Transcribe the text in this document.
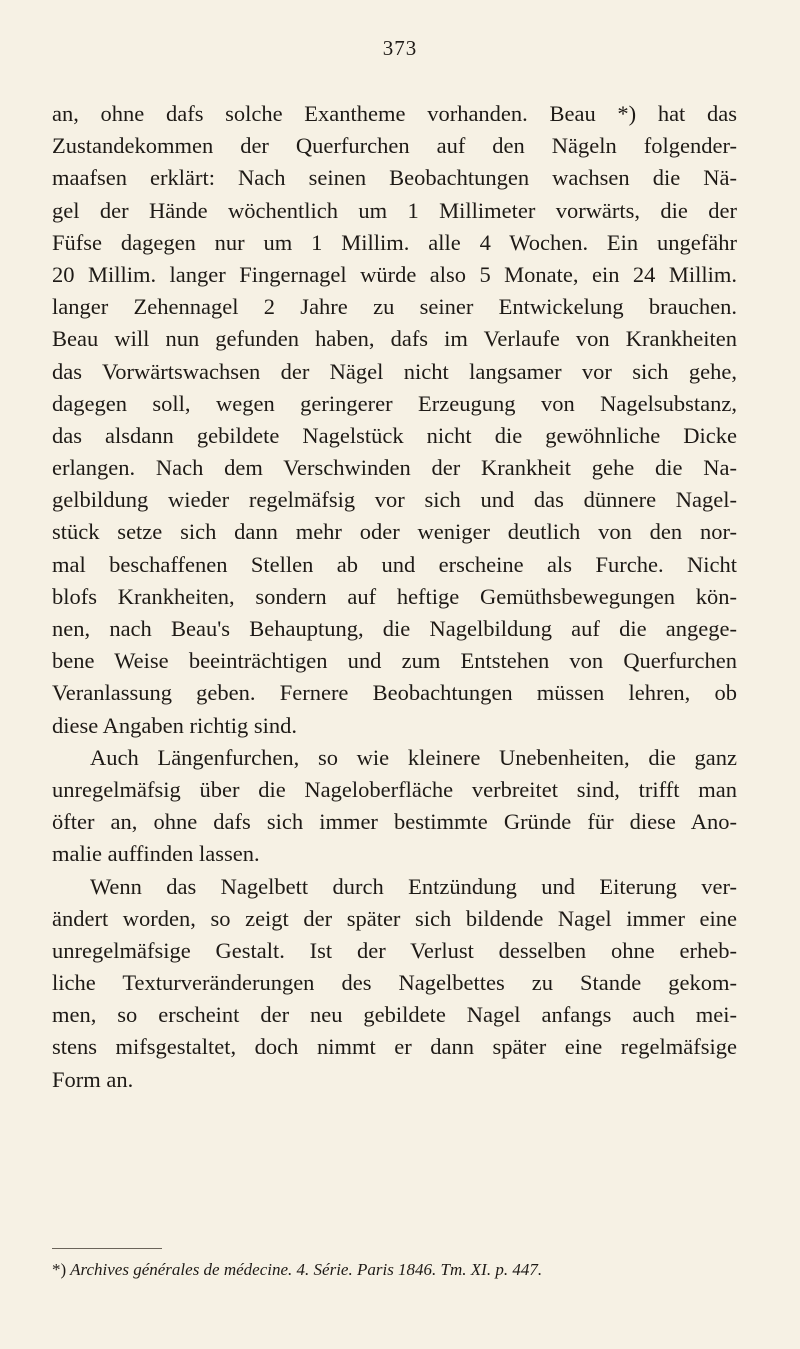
373
an, ohne dafs solche Exantheme vorhanden. Beau *) hat das
Zustandekommen der Querfurchen auf den Nägeln folgender-
maafsen erklärt: Nach seinen Beobachtungen wachsen die Nä-
gel der Hände wöchentlich um 1 Millimeter vorwärts, die der
Füfse dagegen nur um 1 Millim. alle 4 Wochen. Ein ungefähr
20 Millim. langer Fingernagel würde also 5 Monate, ein 24 Millim.
langer Zehennagel 2 Jahre zu seiner Entwickelung brauchen.
Beau will nun gefunden haben, dafs im Verlaufe von Krankheiten
das Vorwärtswachsen der Nägel nicht langsamer vor sich gehe,
dagegen soll, wegen geringerer Erzeugung von Nagelsubstanz,
das alsdann gebildete Nagelstück nicht die gewöhnliche Dicke
erlangen. Nach dem Verschwinden der Krankheit gehe die Na-
gelbildung wieder regelmäfsig vor sich und das dünnere Nagel-
stück setze sich dann mehr oder weniger deutlich von den nor-
mal beschaffenen Stellen ab und erscheine als Furche. Nicht
blofs Krankheiten, sondern auf heftige Gemüthsbewegungen kön-
nen, nach Beau's Behauptung, die Nagelbildung auf die angege-
bene Weise beeinträchtigen und zum Entstehen von Querfurchen
Veranlassung geben. Fernere Beobachtungen müssen lehren, ob
diese Angaben richtig sind.
Auch Längenfurchen, so wie kleinere Unebenheiten, die ganz
unregelmäfsig über die Nageloberfläche verbreitet sind, trifft man
öfter an, ohne dafs sich immer bestimmte Gründe für diese Ano-
malie auffinden lassen.
Wenn das Nagelbett durch Entzündung und Eiterung ver-
ändert worden, so zeigt der später sich bildende Nagel immer eine
unregelmäfsige Gestalt. Ist der Verlust desselben ohne erheb-
liche Texturveränderungen des Nagelbettes zu Stande gekom-
men, so erscheint der neu gebildete Nagel anfangs auch mei-
stens mifsgestaltet, doch nimmt er dann später eine regelmäfsige
Form an.
*) Archives générales de médecine. 4. Série. Paris 1846. Tm. XI. p. 447.
